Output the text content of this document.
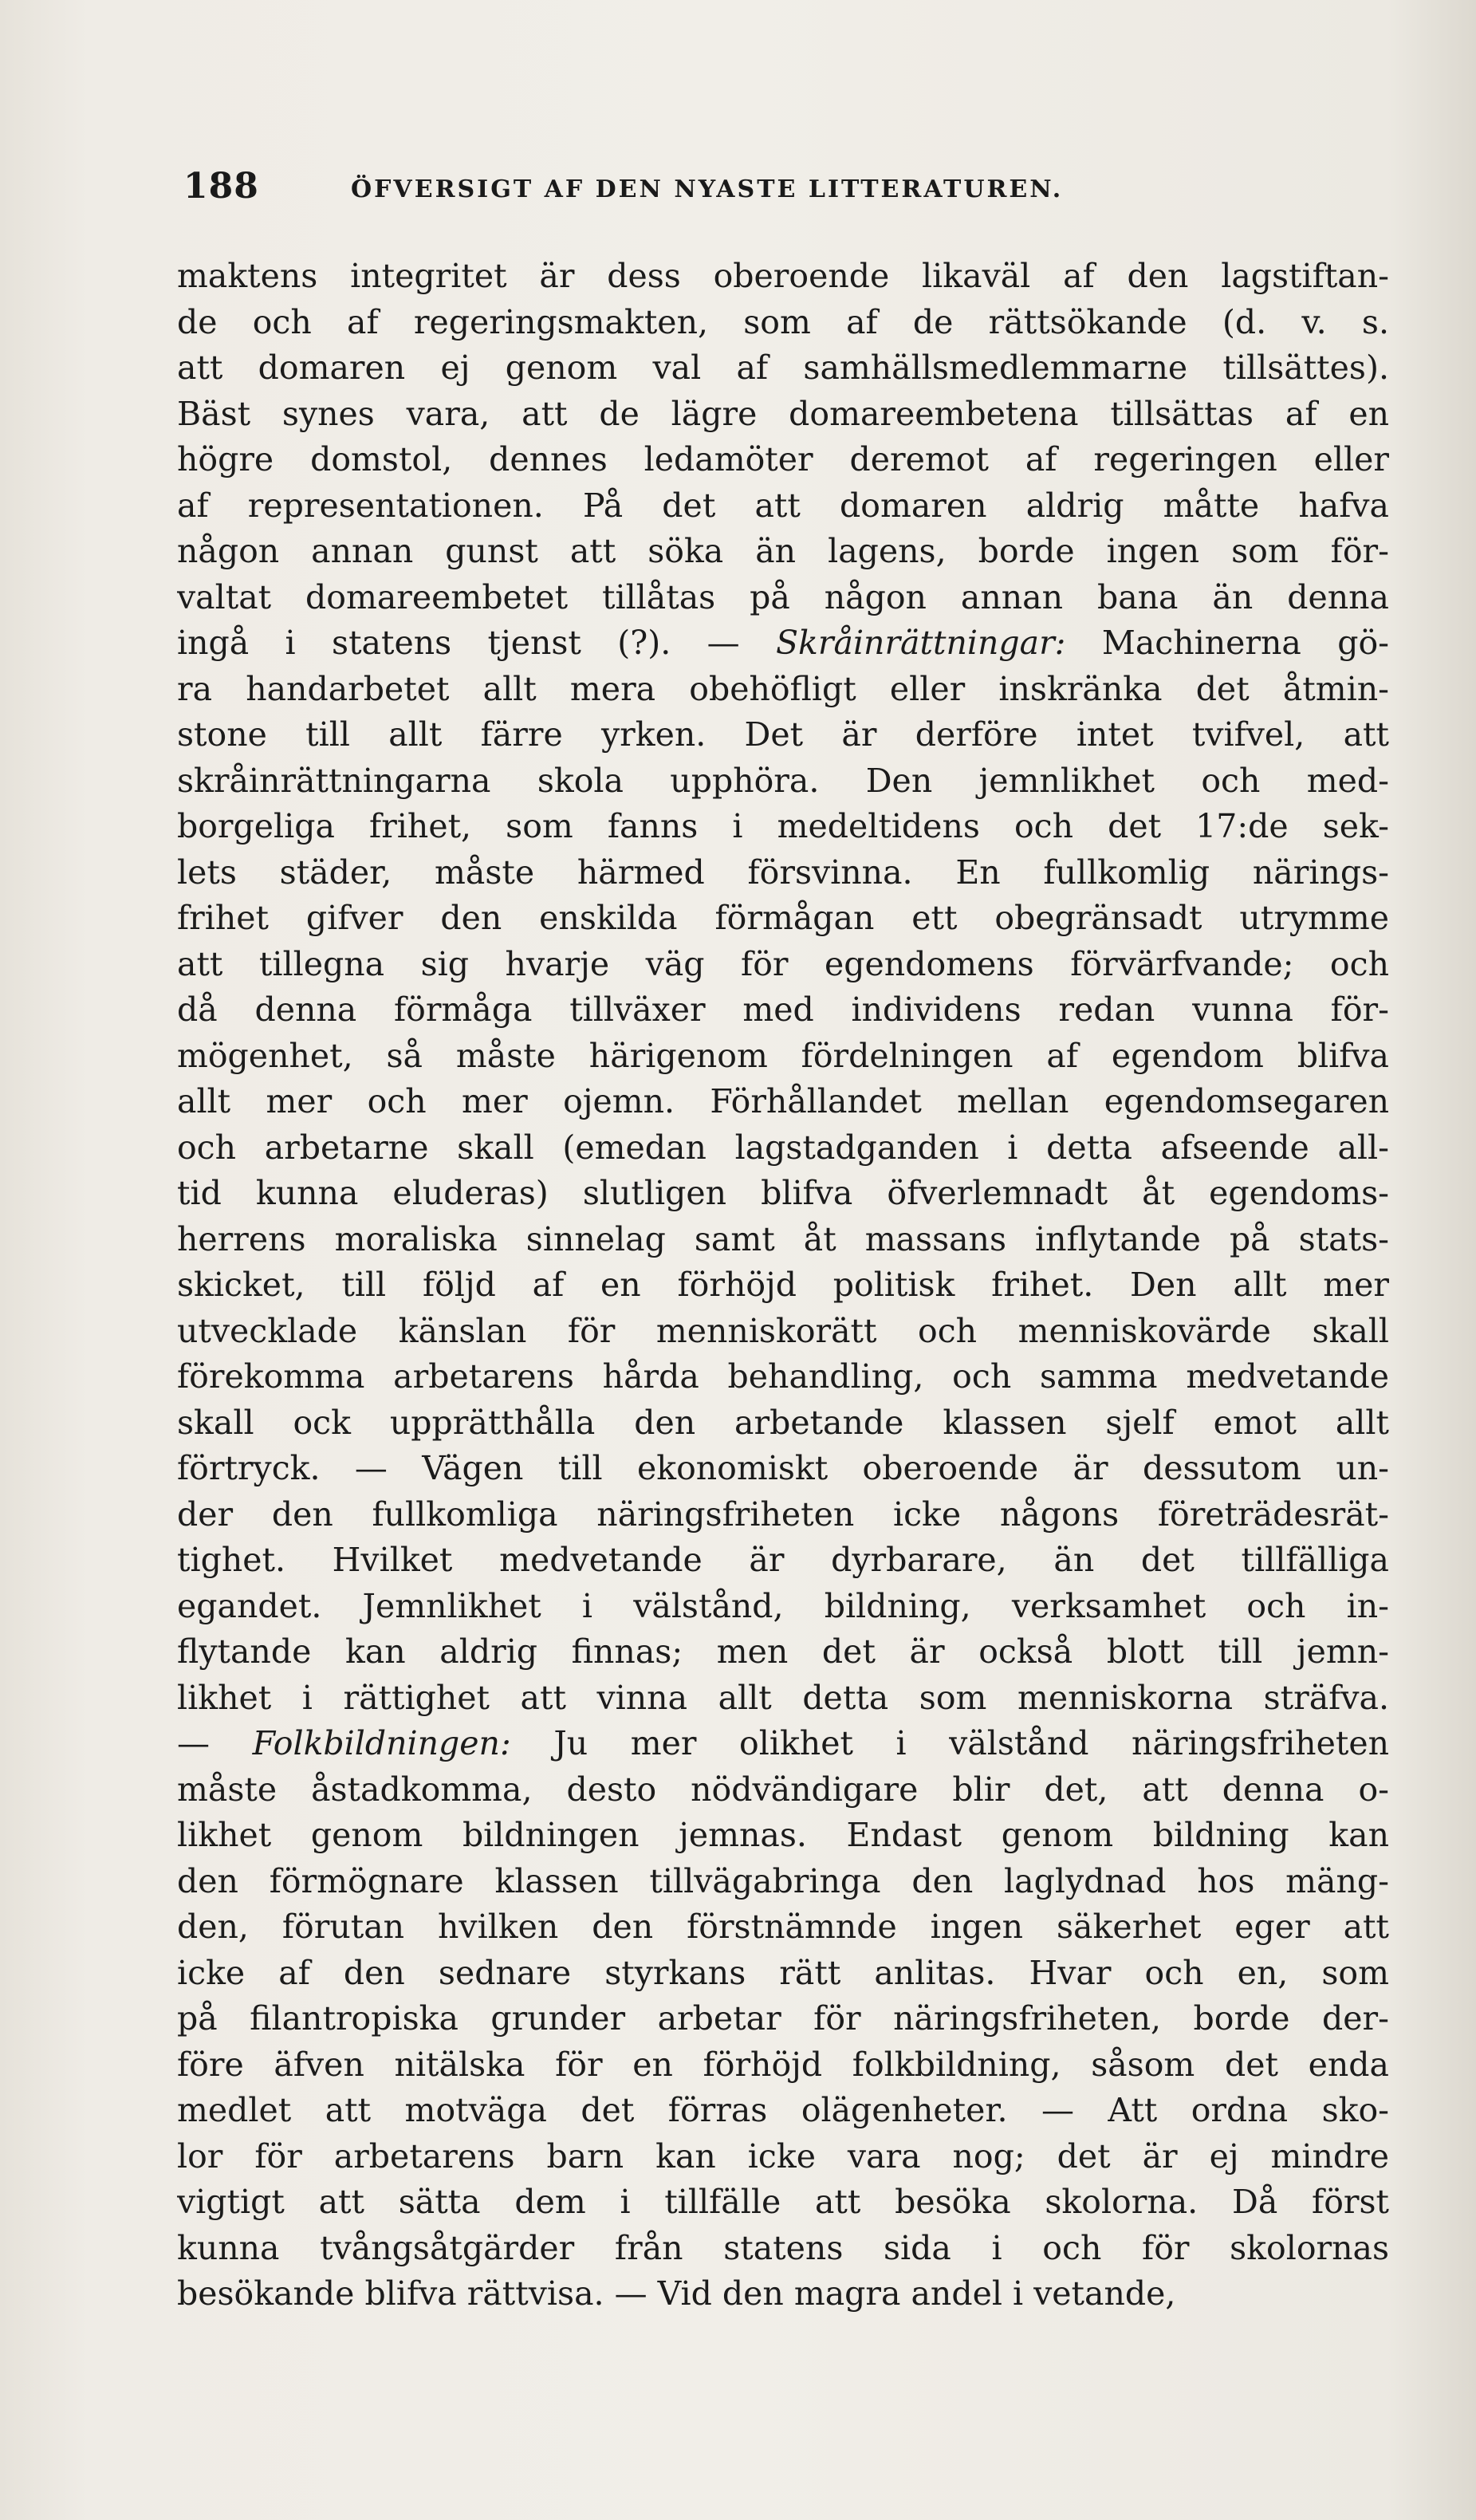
188	ÖFVERSIGT AF DEN NYASTE LITTERATUREN.
maktens integritet är dess oberoende likaväl af den lagstiftan-
de och af regeringsmakten, som af de rättsökande (d. v. s.
att domaren ej genom val af samhällsmedlemmarne tillsättes).
Bäst synes vara, att de lägre domareembetena tillsättas af en
högre domstol, dennes ledamöter deremot af regeringen eller
af representationen. På det att domaren aldrig måtte hafva
någon annan gunst att söka än lagens, borde ingen som för-
valtat domareembetet tillåtas på någon annan bana än denna
ingå i statens tjenst (?). — Skråinrättningar: Machinerna gö-
ra handarbetet allt mera obehöfligt eller inskränka det åtmin-
stone till allt färre yrken. Det är derföre intet tvifvel, att
skråinrättningarna skola upphöra. Den jemnlikhet och med-
borgeliga frihet, som fanns i medeltidens och det 17:de sek-
lets städer, måste härmed försvinna. En fullkomlig närings-
frihet gifver den enskilda förmågan ett obegränsadt utrymme
att tillegna sig hvarje väg för egendomens förvärfvande; och
då denna förmåga tillväxer med individens redan vunna för-
mögenhet, så måste härigenom fördelningen af egendom blifva
allt mer och mer ojemn. Förhållandet mellan egendomsegaren
och arbetarne skall (emedan lagstadganden i detta afseende all-
tid kunna eluderas) slutligen blifva öfverlemnadt åt egendoms-
herrens moraliska sinnelag samt åt massans inflytande på stats-
skicket, till följd af en förhöjd politisk frihet. Den allt mer
utvecklade känslan för menniskorätt och menniskovärde skall
förekomma arbetarens hårda behandling, och samma medvetande
skall ock upprätthålla den arbetande klassen sjelf emot allt
förtryck. — Vägen till ekonomiskt oberoende är dessutom un-
der den fullkomliga näringsfriheten icke någons företrädesrät-
tighet. Hvilket medvetande är dyrbarare, än det tillfälliga
egandet. Jemnlikhet i välstånd, bildning, verksamhet och in-
flytande kan aldrig finnas; men det är också blott till jemn-
likhet i rättighet att vinna allt detta som menniskorna sträfva.
— Folkbildningen: Ju mer olikhet i välstånd näringsfriheten
måste åstadkomma, desto nödvändigare blir det, att denna o-
likhet genom bildningen jemnas. Endast genom bildning kan
den förmögnare klassen tillvägabringa den laglydnad hos mäng-
den, förutan hvilken den förstnämnde ingen säkerhet eger att
icke af den sednare styrkans rätt anlitas. Hvar och en, som
på filantropiska grunder arbetar för näringsfriheten, borde der-
före äfven nitälska för en förhöjd folkbildning, såsom det enda
medlet att motväga det förras olägenheter. — Att ordna sko-
lor för arbetarens barn kan icke vara nog; det är ej mindre
vigtigt att sätta dem i tillfälle att besöka skolorna. Då först
kunna tvångsåtgärder från statens sida i och för skolornas
besökande blifva rättvisa. — Vid den magra andel i vetande,
